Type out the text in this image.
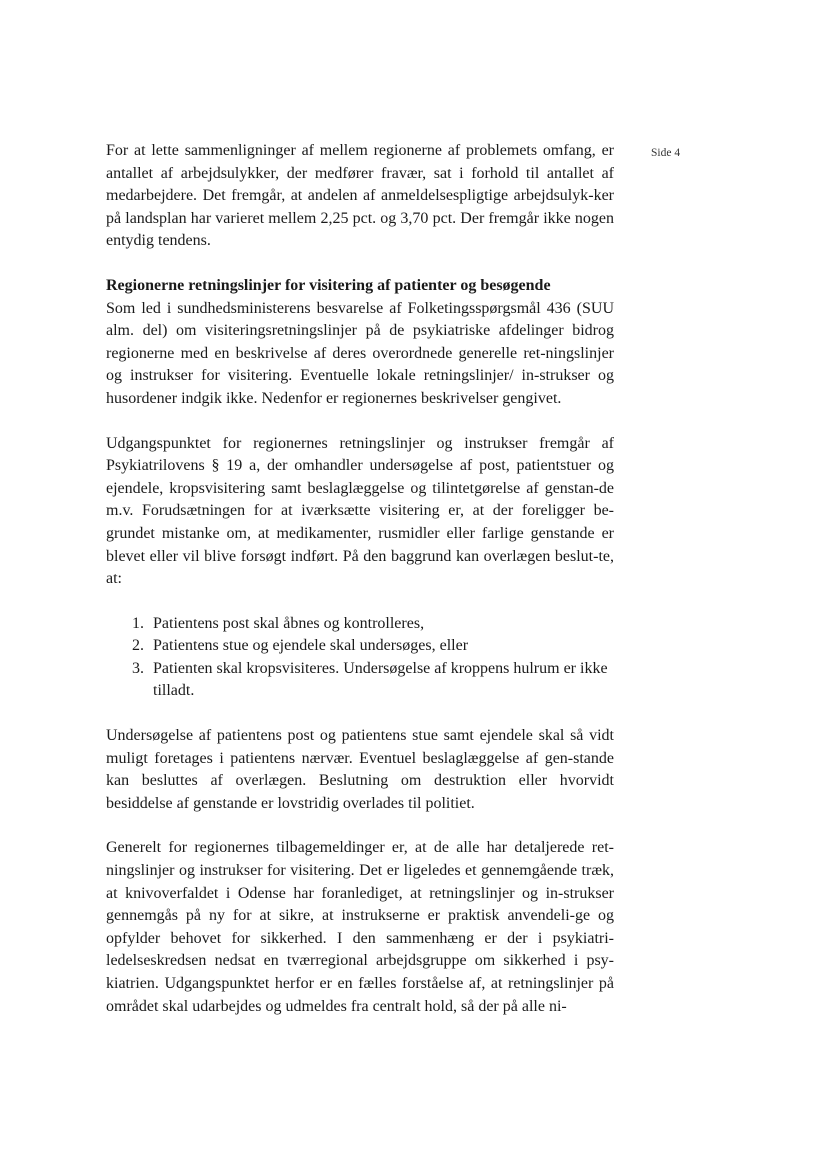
Side 4

For at lette sammenligninger af mellem regionerne af problemets omfang, er antallet af arbejdsulykker, der medfører fravær, sat i forhold til antallet af medarbejdere. Det fremgår, at andelen af anmeldelsespligtige arbejdsulyk-ker på landsplan har varieret mellem 2,25 pct. og 3,70 pct. Der fremgår ikke nogen entydig tendens.

Regionerne retningslinjer for visitering af patienter og besøgende

Som led i sundhedsministerens besvarelse af Folketingsspørgsmål 436 (SUU alm. del) om visiteringsretningslinjer på de psykiatriske afdelinger bidrog regionerne med en beskrivelse af deres overordnede generelle ret-ningslinjer og instrukser for visitering. Eventuelle lokale retningslinjer/ in-strukser og husordener indgik ikke. Nedenfor er regionernes beskrivelser gengivet.

Udgangspunktet for regionernes retningslinjer og instrukser fremgår af Psykiatrilovens § 19 a, der omhandler undersøgelse af post, patientstuer og ejendele, kropsvisitering samt beslaglæggelse og tilintetgørelse af genstan-de m.v. Forudsætningen for at iværksætte visitering er, at der foreligger be-grundet mistanke om, at medikamenter, rusmidler eller farlige genstande er blevet eller vil blive forsøgt indført. På den baggrund kan overlægen beslut-te, at:

1. Patientens post skal åbnes og kontrolleres,
2. Patientens stue og ejendele skal undersøges, eller
3. Patienten skal kropsvisiteres. Undersøgelse af kroppens hulrum er ikke tilladt.

Undersøgelse af patientens post og patientens stue samt ejendele skal så vidt muligt foretages i patientens nærvær. Eventuel beslaglæggelse af gen-stande kan besluttes af overlægen. Beslutning om destruktion eller hvorvidt besiddelse af genstande er lovstridig overlades til politiet.

Generelt for regionernes tilbagemeldinger er, at de alle har detaljerede ret-ningslinjer og instrukser for visitering. Det er ligeledes et gennemgående træk, at knivoverfaldet i Odense har foranlediget, at retningslinjer og in-strukser gennemgås på ny for at sikre, at instrukserne er praktisk anvendeli-ge og opfylder behovet for sikkerhed. I den sammenhæng er der i psykiatri-ledelseskredsen nedsat en tværregional arbejdsgruppe om sikkerhed i psy-kiatrien. Udgangspunktet herfor er en fælles forståelse af, at retningslinjer på området skal udarbejdes og udmeldes fra centralt hold, så der på alle ni-
